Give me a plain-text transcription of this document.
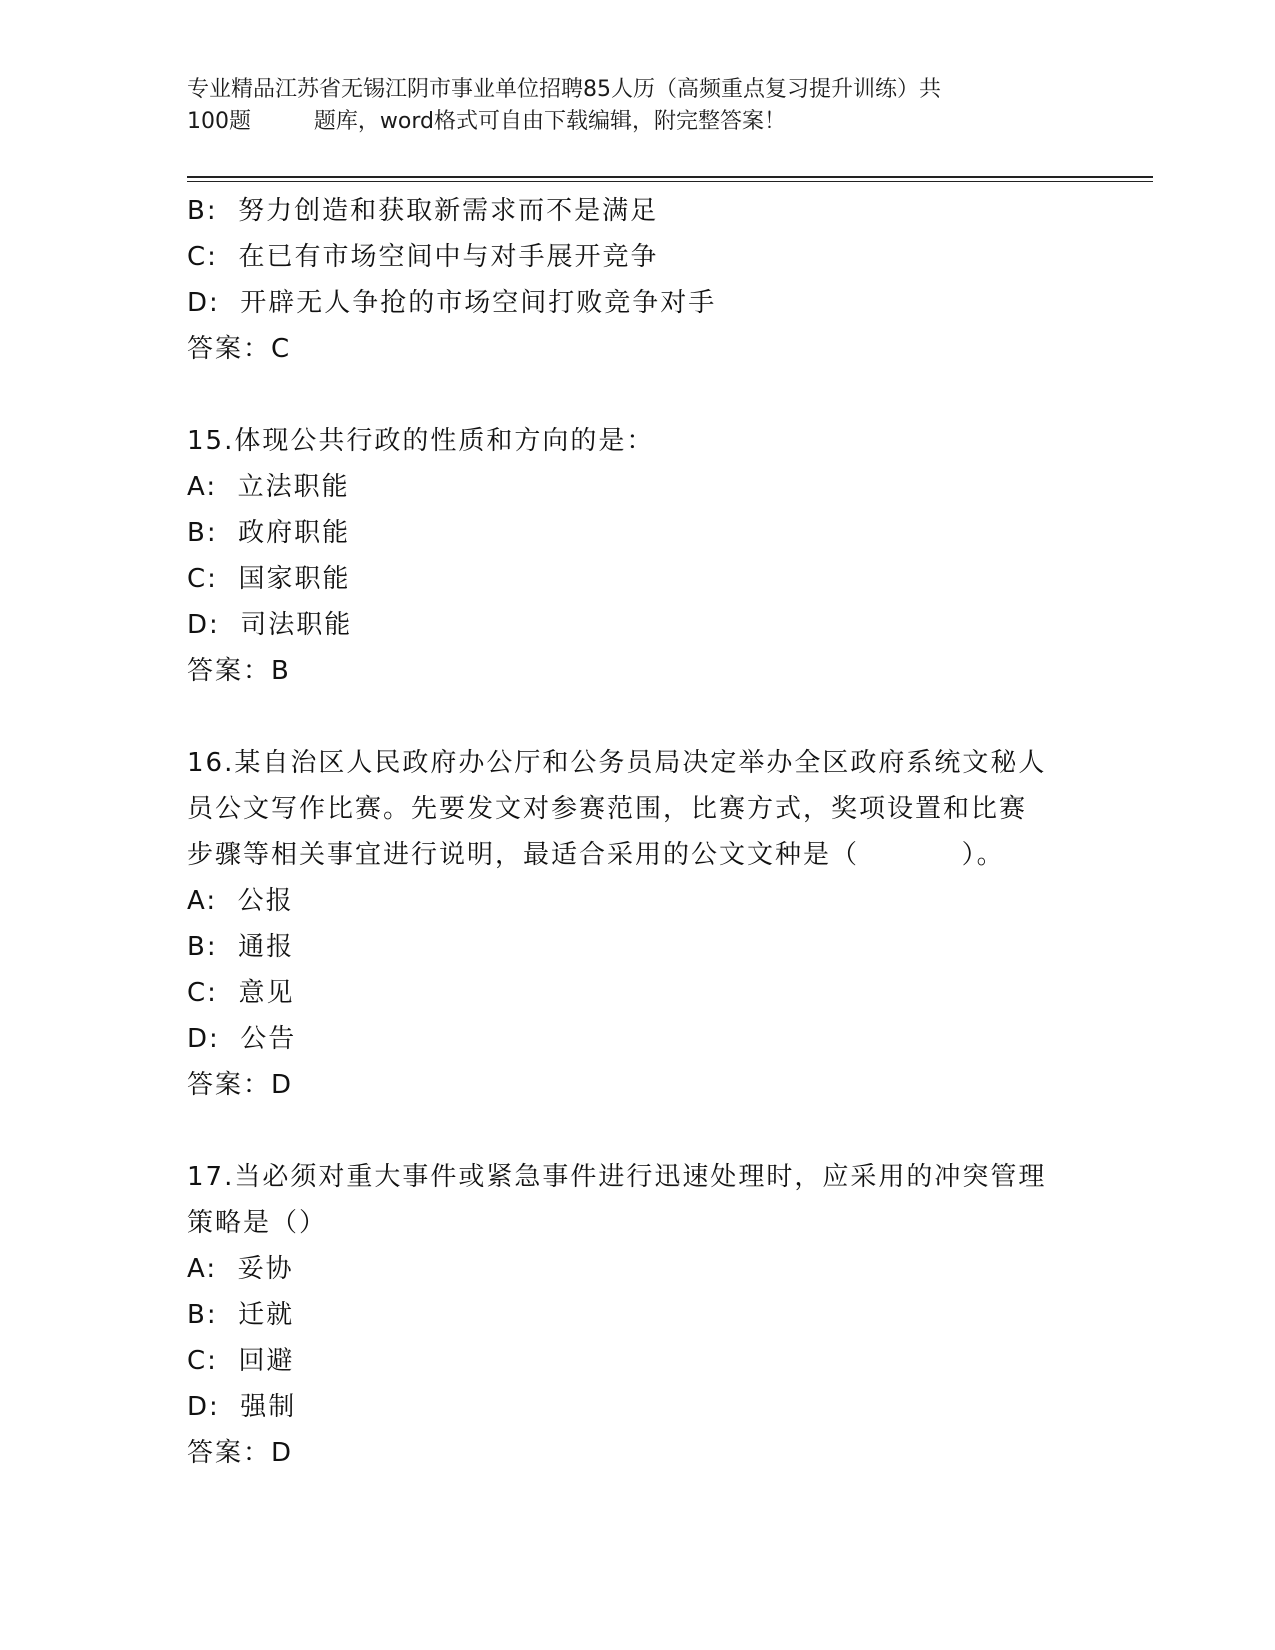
专业精品江苏省无锡江阴市事业单位招聘85人历（高频重点复习提升训练）共
100题         题库，word格式可自由下载编辑，附完整答案！
B:  努力创造和获取新需求而不是满足
C:  在已有市场空间中与对手展开竞争
D:  开辟无人争抢的市场空间打败竞争对手
答案：C
15.体现公共行政的性质和方向的是：
A:  立法职能
B:  政府职能
C:  国家职能
D:  司法职能
答案：B
16.某自治区人民政府办公厅和公务员局决定举办全区政府系统文秘人
员公文写作比赛。先要发文对参赛范围，比赛方式，奖项设置和比赛
步骤等相关事宜进行说明，最适合采用的公文文种是（          ）。
A:  公报
B:  通报
C:  意见
D:  公告
答案：D
17.当必须对重大事件或紧急事件进行迅速处理时，应采用的冲突管理
策略是（）
A:  妥协
B:  迁就
C:  回避
D:  强制
答案：D
